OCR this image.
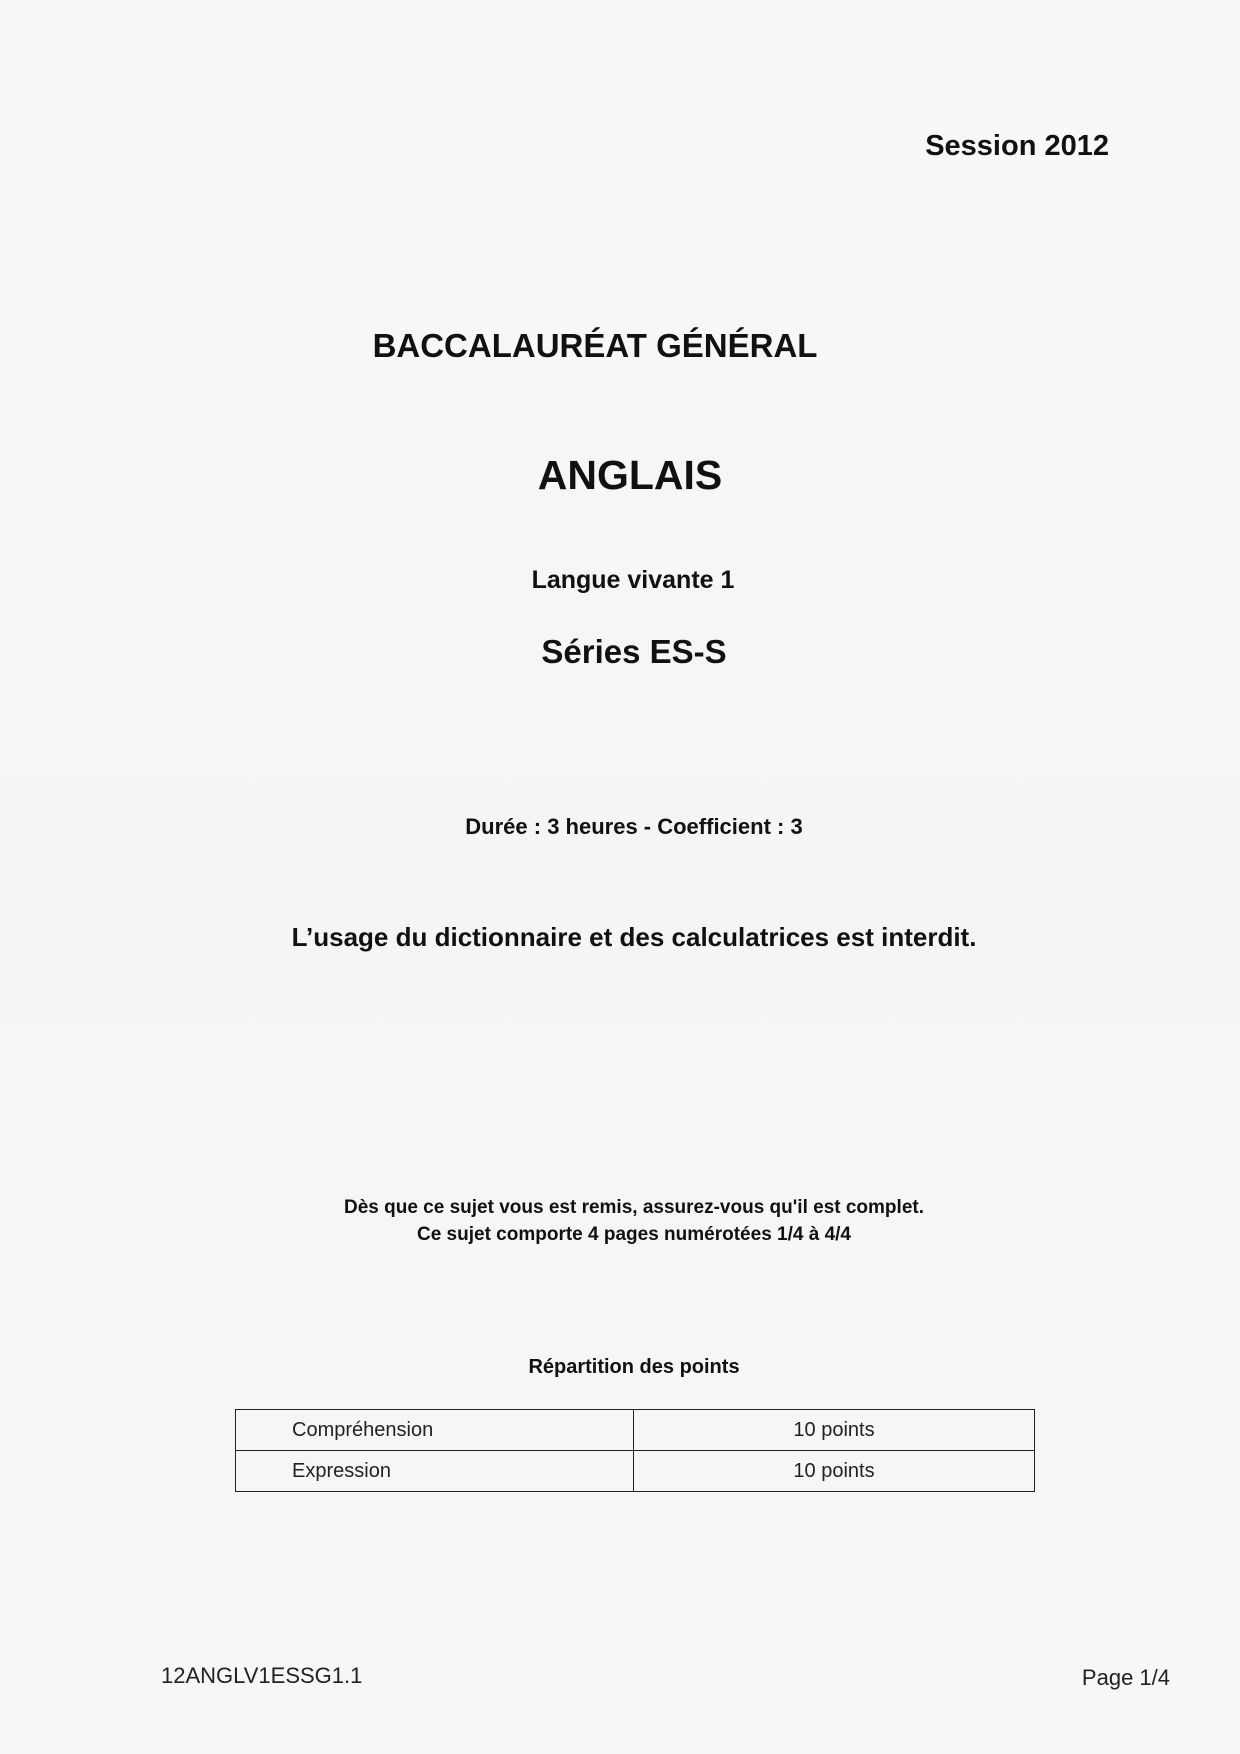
Session 2012
BACCALAURÉAT GÉNÉRAL
ANGLAIS
Langue vivante 1
Séries ES-S
Durée : 3 heures - Coefficient : 3
L’usage du dictionnaire et des calculatrices est interdit.
Dès que ce sujet vous est remis, assurez-vous qu'il est complet.
Ce sujet comporte 4 pages numérotées 1/4 à 4/4
Répartition des points
Compréhension	10 points
Expression	10 points
12ANGLV1ESSG1.1	Page 1/4
